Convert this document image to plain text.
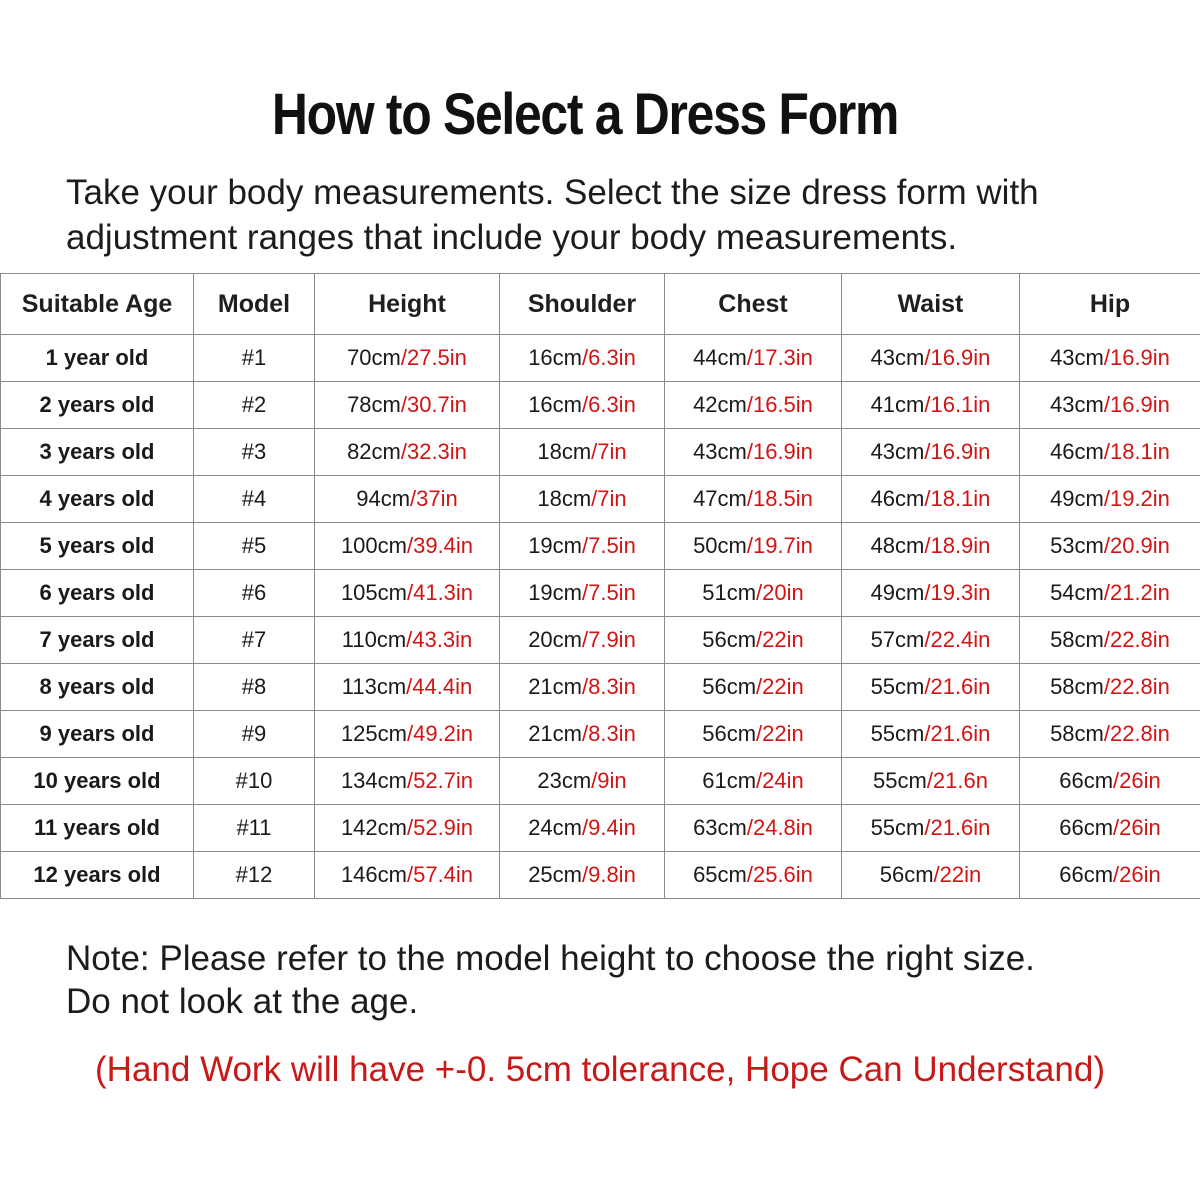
How to Select a Dress Form
Take your body measurements. Select the size dress form with
adjustment ranges that include your body measurements.
Suitable Age	Model	Height	Shoulder	Chest	Waist	Hip
1 year old	#1	70cm/27.5in	16cm/6.3in	44cm/17.3in	43cm/16.9in	43cm/16.9in
2 years old	#2	78cm/30.7in	16cm/6.3in	42cm/16.5in	41cm/16.1in	43cm/16.9in
3 years old	#3	82cm/32.3in	18cm/7in	43cm/16.9in	43cm/16.9in	46cm/18.1in
4 years old	#4	94cm/37in	18cm/7in	47cm/18.5in	46cm/18.1in	49cm/19.2in
5 years old	#5	100cm/39.4in	19cm/7.5in	50cm/19.7in	48cm/18.9in	53cm/20.9in
6 years old	#6	105cm/41.3in	19cm/7.5in	51cm/20in	49cm/19.3in	54cm/21.2in
7 years old	#7	110cm/43.3in	20cm/7.9in	56cm/22in	57cm/22.4in	58cm/22.8in
8 years old	#8	113cm/44.4in	21cm/8.3in	56cm/22in	55cm/21.6in	58cm/22.8in
9 years old	#9	125cm/49.2in	21cm/8.3in	56cm/22in	55cm/21.6in	58cm/22.8in
10 years old	#10	134cm/52.7in	23cm/9in	61cm/24in	55cm/21.6n	66cm/26in
11 years old	#11	142cm/52.9in	24cm/9.4in	63cm/24.8in	55cm/21.6in	66cm/26in
12 years old	#12	146cm/57.4in	25cm/9.8in	65cm/25.6in	56cm/22in	66cm/26in
Note: Please refer to the model height to choose the right size.
Do not look at the age.
(Hand Work will have +-0. 5cm tolerance, Hope Can Understand)
